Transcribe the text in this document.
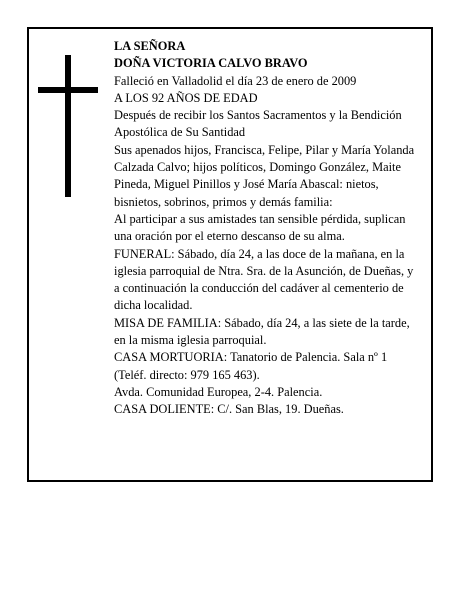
LA SEÑORA

DOÑA VICTORIA CALVO BRAVO

Falleció en Valladolid el día 23 de enero de 2009

A LOS 92 AÑOS DE EDAD

Después de recibir los Santos Sacramentos y la Bendición Apostólica de Su Santidad

Sus apenados hijos, Francisca, Felipe, Pilar y María Yolanda Calzada Calvo; hijos políticos, Domingo González, Maite Pineda, Miguel Pinillos y José María Abascal: nietos, bisnietos, sobrinos, primos y demás familia:

Al participar a sus amistades tan sensible pérdida, suplican una oración por el eterno descanso de su alma.

FUNERAL: Sábado, día 24, a las doce de la mañana, en la iglesia parroquial de Ntra. Sra. de la Asunción, de Dueñas, y a continuación la conducción del cadáver al cementerio de dicha localidad.

MISA DE FAMILIA: Sábado, día 24, a las siete de la tarde, en la misma iglesia parroquial.

CASA MORTUORIA: Tanatorio de Palencia. Sala nº 1 (Teléf. directo: 979 165 463).

Avda. Comunidad Europea, 2-4. Palencia.

CASA DOLIENTE: C/. San Blas, 19. Dueñas.
